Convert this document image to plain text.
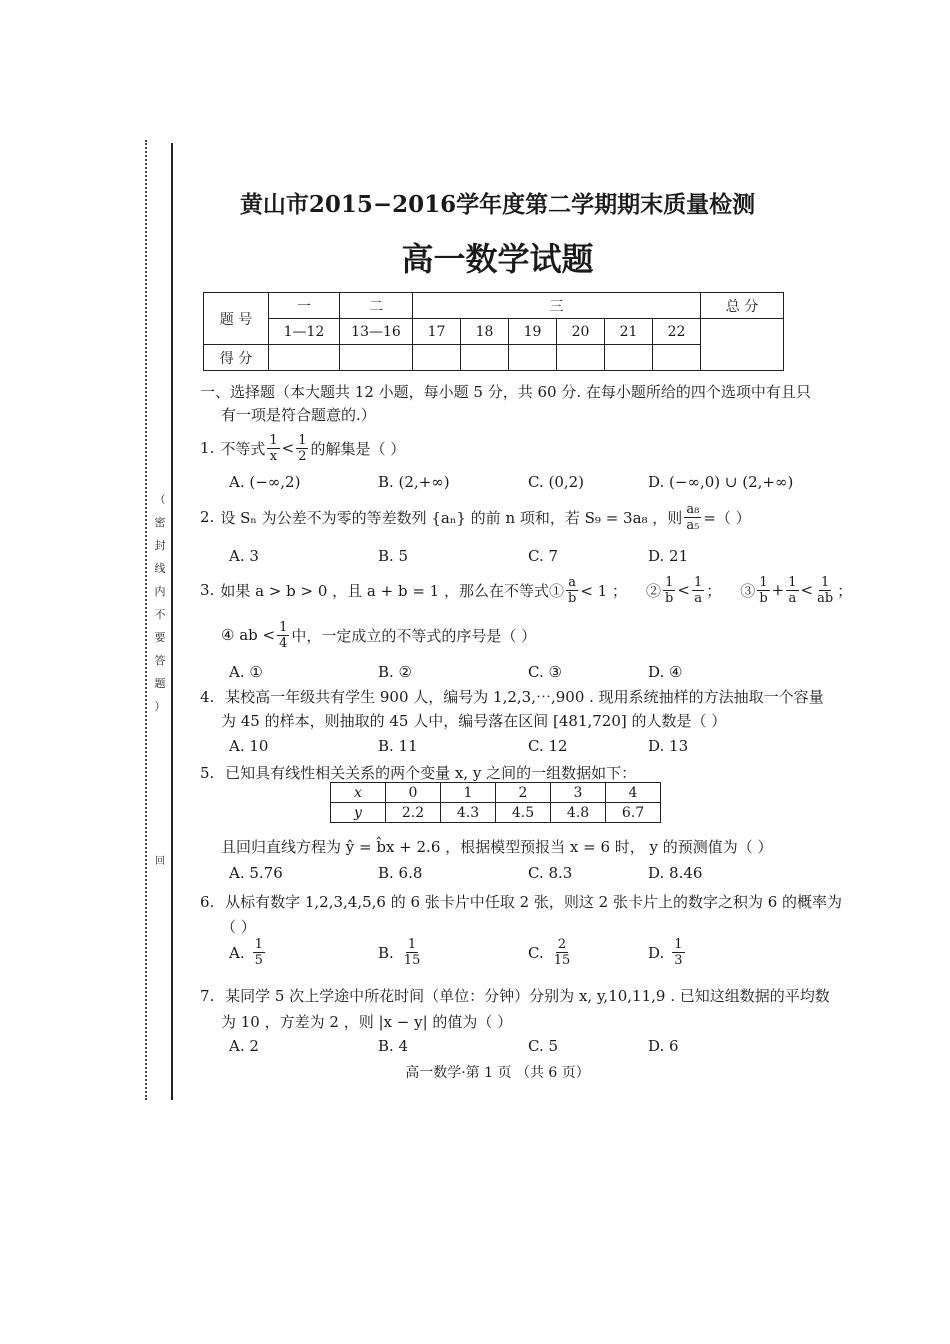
（
密
封
线
内
不
要
答
题
）
回
黄山市2015−2016学年度第二学期期末质量检测
高一数学试题
题 号	一	二	三						总 分
	1—12	13—16	17	18	19	20	21	22	
得 分									
一、选择题（本大题共 12 小题，每小题 5 分，共 60 分. 在每小题所给的四个选项中有且只
有一项是符合题意的.）
1. 不等式 $\frac{1}{x} < \frac{1}{2}$ 的解集是（ ）
A. (−∞,2)	B. (2,+∞)	C. (0,2)	D. (−∞,0) ∪ (2,+∞)
2. 设 Sₙ 为公差不为零的等差数列 {aₙ} 的前 n 项和，若 S₉ = 3a₈ ，则 $\frac{\text{a₈}}{\text{a₅}}$ =（ ）
A. 3	B. 5	C. 7	D. 21
3. 如果 a > b > 0 ，且 a + b = 1 ，那么在不等式① $\frac{a}{b} < 1$ ；    ② $\frac{1}{b} < \frac{1}{a}$ ；    ③ $\frac{1}{b} + \frac{1}{a} < \frac{1}{ab}$ ；
④ ab < $\frac{1}{4}$ 中，一定成立的不等式的序号是（ ）
A. ①	B. ②	C. ③	D. ④
4. 某校高一年级共有学生 900 人，编号为 1,2,3,⋯,900 . 现用系统抽样的方法抽取一个容量
为 45 的样本，则抽取的 45 人中，编号落在区间 [481,720] 的人数是（ ）
A. 10	B. 11	C. 12	D. 13
5. 已知具有线性相关关系的两个变量 x, y 之间的一组数据如下：
x	0	1	2	3	4
y	2.2	4.3	4.5	4.8	6.7
且回归直线方程为 ŷ = b̂x + 2.6 ，根据模型预报当 x = 6 时， y 的预测值为（ ）
A. 5.76	B. 6.8	C. 8.3	D. 8.46
6. 从标有数字 1,2,3,4,5,6 的 6 张卡片中任取 2 张，则这 2 张卡片上的数字之积为 6 的概率为
（ ）
A. $\frac{1}{5}$	B. $\frac{1}{15}$	C. $\frac{2}{15}$	D. $\frac{1}{3}$
7. 某同学 5 次上学途中所花时间（单位：分钟）分别为 x, y,10,11,9 . 已知这组数据的平均数
为 10 ，方差为 2 ，则 |x − y| 的值为（ ）
A. 2	B. 4	C. 5	D. 6
高一数学·第 1 页 （共 6 页）
